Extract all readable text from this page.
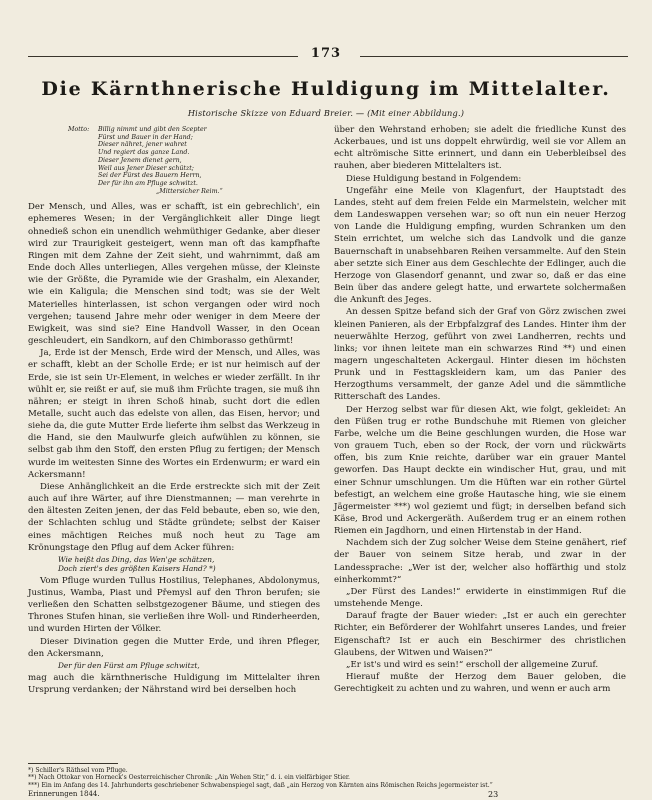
173
Die Kärnthnerische Huldigung im Mittelalter.
Historische Skizze von Eduard Breier. — (Mit einer Abbildung.)
Motto:	Billig nimmt und gibt den Scepter
Fürst und Bauer in der Hand;
Dieser nähret, jener wahret
Und regiert das ganze Land.
Dieser Jenem dienet gern,
Weil aus Jener Dieser schützt;
Sei der Fürst des Bauern Herrn,
Der für ihn am Pfluge schwitzt.
„Mittersicher Reim.“

Der Mensch, und Alles, was er schafft, ist ein gebrechlich', ein ephemeres Wesen; in der Vergänglichkeit aller Dinge liegt ohnedieß schon ein unendlich wehmüthiger Gedanke, aber dieser wird zur Traurigkeit gesteigert, wenn man oft das kampfhafte Ringen mit dem Zahne der Zeit sieht, und wahrnimmt, daß am Ende doch Alles unterliegen, Alles vergehen müsse, der Kleinste wie der Größte, die Pyramide wie der Grashalm, ein Alexander, wie ein Kaligula; die Menschen sind todt; was sie der Welt Materielles hinterlassen, ist schon vergangen oder wird noch vergehen; tausend Jahre mehr oder weniger in dem Meere der Ewigkeit, was sind sie? Eine Handvoll Wasser, in den Ocean geschleudert, ein Sandkorn, auf den Chimborasso gethürmt!

Ja, Erde ist der Mensch, Erde wird der Mensch, und Alles, was er schafft, klebt an der Scholle Erde; er ist nur heimisch auf der Erde, sie ist sein Ur-Element, in welches er wieder zerfällt. In ihr wühlt er, sie reißt er auf, sie muß ihm Früchte tragen, sie muß ihn nähren; er steigt in ihren Schoß hinab, sucht dort die edlen Metalle, sucht auch das edelste von allen, das Eisen, hervor; und siehe da, die gute Mutter Erde lieferte ihm selbst das Werkzeug in die Hand, sie den Maulwurfe gleich aufwühlen zu können, sie selbst gab ihm den Stoff, den ersten Pflug zu fertigen; der Mensch wurde im weitesten Sinne des Wortes ein Erdenwurm; er ward ein Ackersmann!

Diese Anhänglichkeit an die Erde erstreckte sich mit der Zeit auch auf ihre Wärter, auf ihre Dienstmannen; — man verehrte in den ältesten Zeiten jenen, der das Feld bebaute, eben so, wie den, der Schlachten schlug und Städte gründete; selbst der Kaiser eines mächtigen Reiches muß noch heut zu Tage am Krönungstage den Pflug auf dem Acker führen:

Wie heißt das Ding, das Wen'ge schätzen,
Doch ziert's des größten Kaisers Hand? *)

Vom Pfluge wurden Tullus Hostilius, Telephanes, Abdolonymus, Justinus, Wamba, Piast und Přemysl auf den Thron berufen; sie verließen den Schatten selbstgezogener Bäume, und stiegen des Thrones Stufen hinan, sie verließen ihre Woll- und Rinderheerden, und wurden Hirten der Völker.

Dieser Divination gegen die Mutter Erde, und ihren Pfleger, den Ackersmann,

Der für den Fürst am Pfluge schwitzt,

mag auch die kärnthnerische Huldigung im Mittelalter ihren Ursprung verdanken; der Nährstand wird bei derselben hoch

über den Wehrstand erhoben; sie adelt die friedliche Kunst des Ackerbaues, und ist uns doppelt ehrwürdig, weil sie vor Allem an echt altrömische Sitte erinnert, und dann ein Ueberbleibsel des rauhen, aber biederen Mittelalters ist.

Diese Huldigung bestand in Folgendem:

Ungefähr eine Meile von Klagenfurt, der Hauptstadt des Landes, steht auf dem freien Felde ein Marmelstein, welcher mit dem Landeswappen versehen war; so oft nun ein neuer Herzog von Lande die Huldigung empfing, wurden Schranken um den Stein errichtet, um welche sich das Landvolk und die ganze Bauernschaft in unabsehbaren Reihen versammelte. Auf den Stein aber setzte sich Einer aus dem Geschlechte der Edlinger, auch die Herzoge von Glasendorf genannt, und zwar so, daß er das eine Bein über das andere gelegt hatte, und erwartete solchermaßen die Ankunft des Jeges.

An dessen Spitze befand sich der Graf von Görz zwischen zwei kleinen Panieren, als der Erbpfalzgraf des Landes. Hinter ihm der neuerwählte Herzog, geführt von zwei Landherren, rechts und links; vor ihnen leitete man ein schwarzes Rind **) und einen magern ungeschalteten Ackergaul. Hinter diesen im höchsten Prunk und in Festtagskleidern kam, um das Panier des Herzogthums versammelt, der ganze Adel und die sämmtliche Ritterschaft des Landes.

Der Herzog selbst war für diesen Akt, wie folgt, gekleidet: An den Füßen trug er rothe Bundschuhe mit Riemen von gleicher Farbe, welche um die Beine geschlungen wurden, die Hose war von grauem Tuch, eben so der Rock, der vorn und rückwärts offen, bis zum Knie reichte, darüber war ein grauer Mantel geworfen. Das Haupt deckte ein windischer Hut, grau, und mit einer Schnur umschlungen. Um die Hüften war ein rother Gürtel befestigt, an welchem eine große Hautasche hing, wie sie einem Jägermeister ***) wol geziemt und fügt; in derselben befand sich Käse, Brod und Ackergeräth. Außerdem trug er an einem rothen Riemen ein Jagdhorn, und einen Hirtenstab in der Hand.

Nachdem sich der Zug solcher Weise dem Steine genähert, rief der Bauer von seinem Sitze herab, und zwar in der Landessprache: „Wer ist der, welcher also hoffärthig und stolz einherkommt?“

„Der Fürst des Landes!“ erwiderte in einstimmigen Ruf die umstehende Menge.

Darauf fragte der Bauer wieder: „Ist er auch ein gerechter Richter, ein Beförderer der Wohlfahrt unseres Landes, und freier Eigenschaft? Ist er auch ein Beschirmer des christlichen Glaubens, der Witwen und Waisen?“

„Er ist's und wird es sein!“ erscholl der allgemeine Zuruf.

Hierauf mußte der Herzog dem Bauer geloben, die Gerechtigkeit zu achten und zu wahren, und wenn er auch arm

*) Schiller's Räthsel vom Pfluge.
**) Nach Ottokar von Horneck's Oesterreichischer Chronik: „Ain Wehen Stir,“ d. i. ein vielfärbiger Stier.
***) Ein im Anfang des 14. Jahrhunderts geschriebener Schwabenspiegel sagt, daß „ain Herzog von Kärnten ains Römischen Reichs jegermeister ist.“
Erinnerungen 1844.	23
